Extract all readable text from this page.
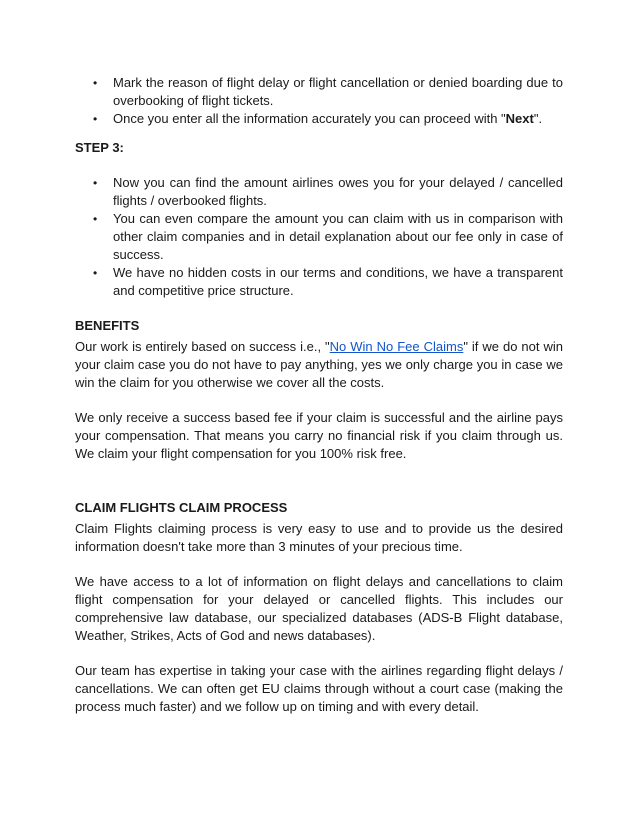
• Mark the reason of flight delay or flight cancellation or denied boarding due to overbooking of flight tickets.
• Once you enter all the information accurately you can proceed with "Next".
STEP 3:
• Now you can find the amount airlines owes you for your delayed / cancelled flights / overbooked flights.
• You can even compare the amount you can claim with us in comparison with other claim companies and in detail explanation about our fee only in case of success.
• We have no hidden costs in our terms and conditions, we have a transparent and competitive price structure.
BENEFITS

Our work is entirely based on success i.e., "No Win No Fee Claims" if we do not win your claim case you do not have to pay anything, yes we only charge you in case we win the claim for you otherwise we cover all the costs.

We only receive a success based fee if your claim is successful and the airline pays your compensation. That means you carry no financial risk if you claim through us. We claim your flight compensation for you 100% risk free.

CLAIM FLIGHTS CLAIM PROCESS

Claim Flights claiming process is very easy to use and to provide us the desired information doesn't take more than 3 minutes of your precious time.

We have access to a lot of information on flight delays and cancellations to claim flight compensation for your delayed or cancelled flights. This includes our comprehensive law database, our specialized databases (ADS-B Flight database, Weather, Strikes, Acts of God and news databases).

Our team has expertise in taking your case with the airlines regarding flight delays / cancellations. We can often get EU claims through without a court case (making the process much faster) and we follow up on timing and with every detail.
